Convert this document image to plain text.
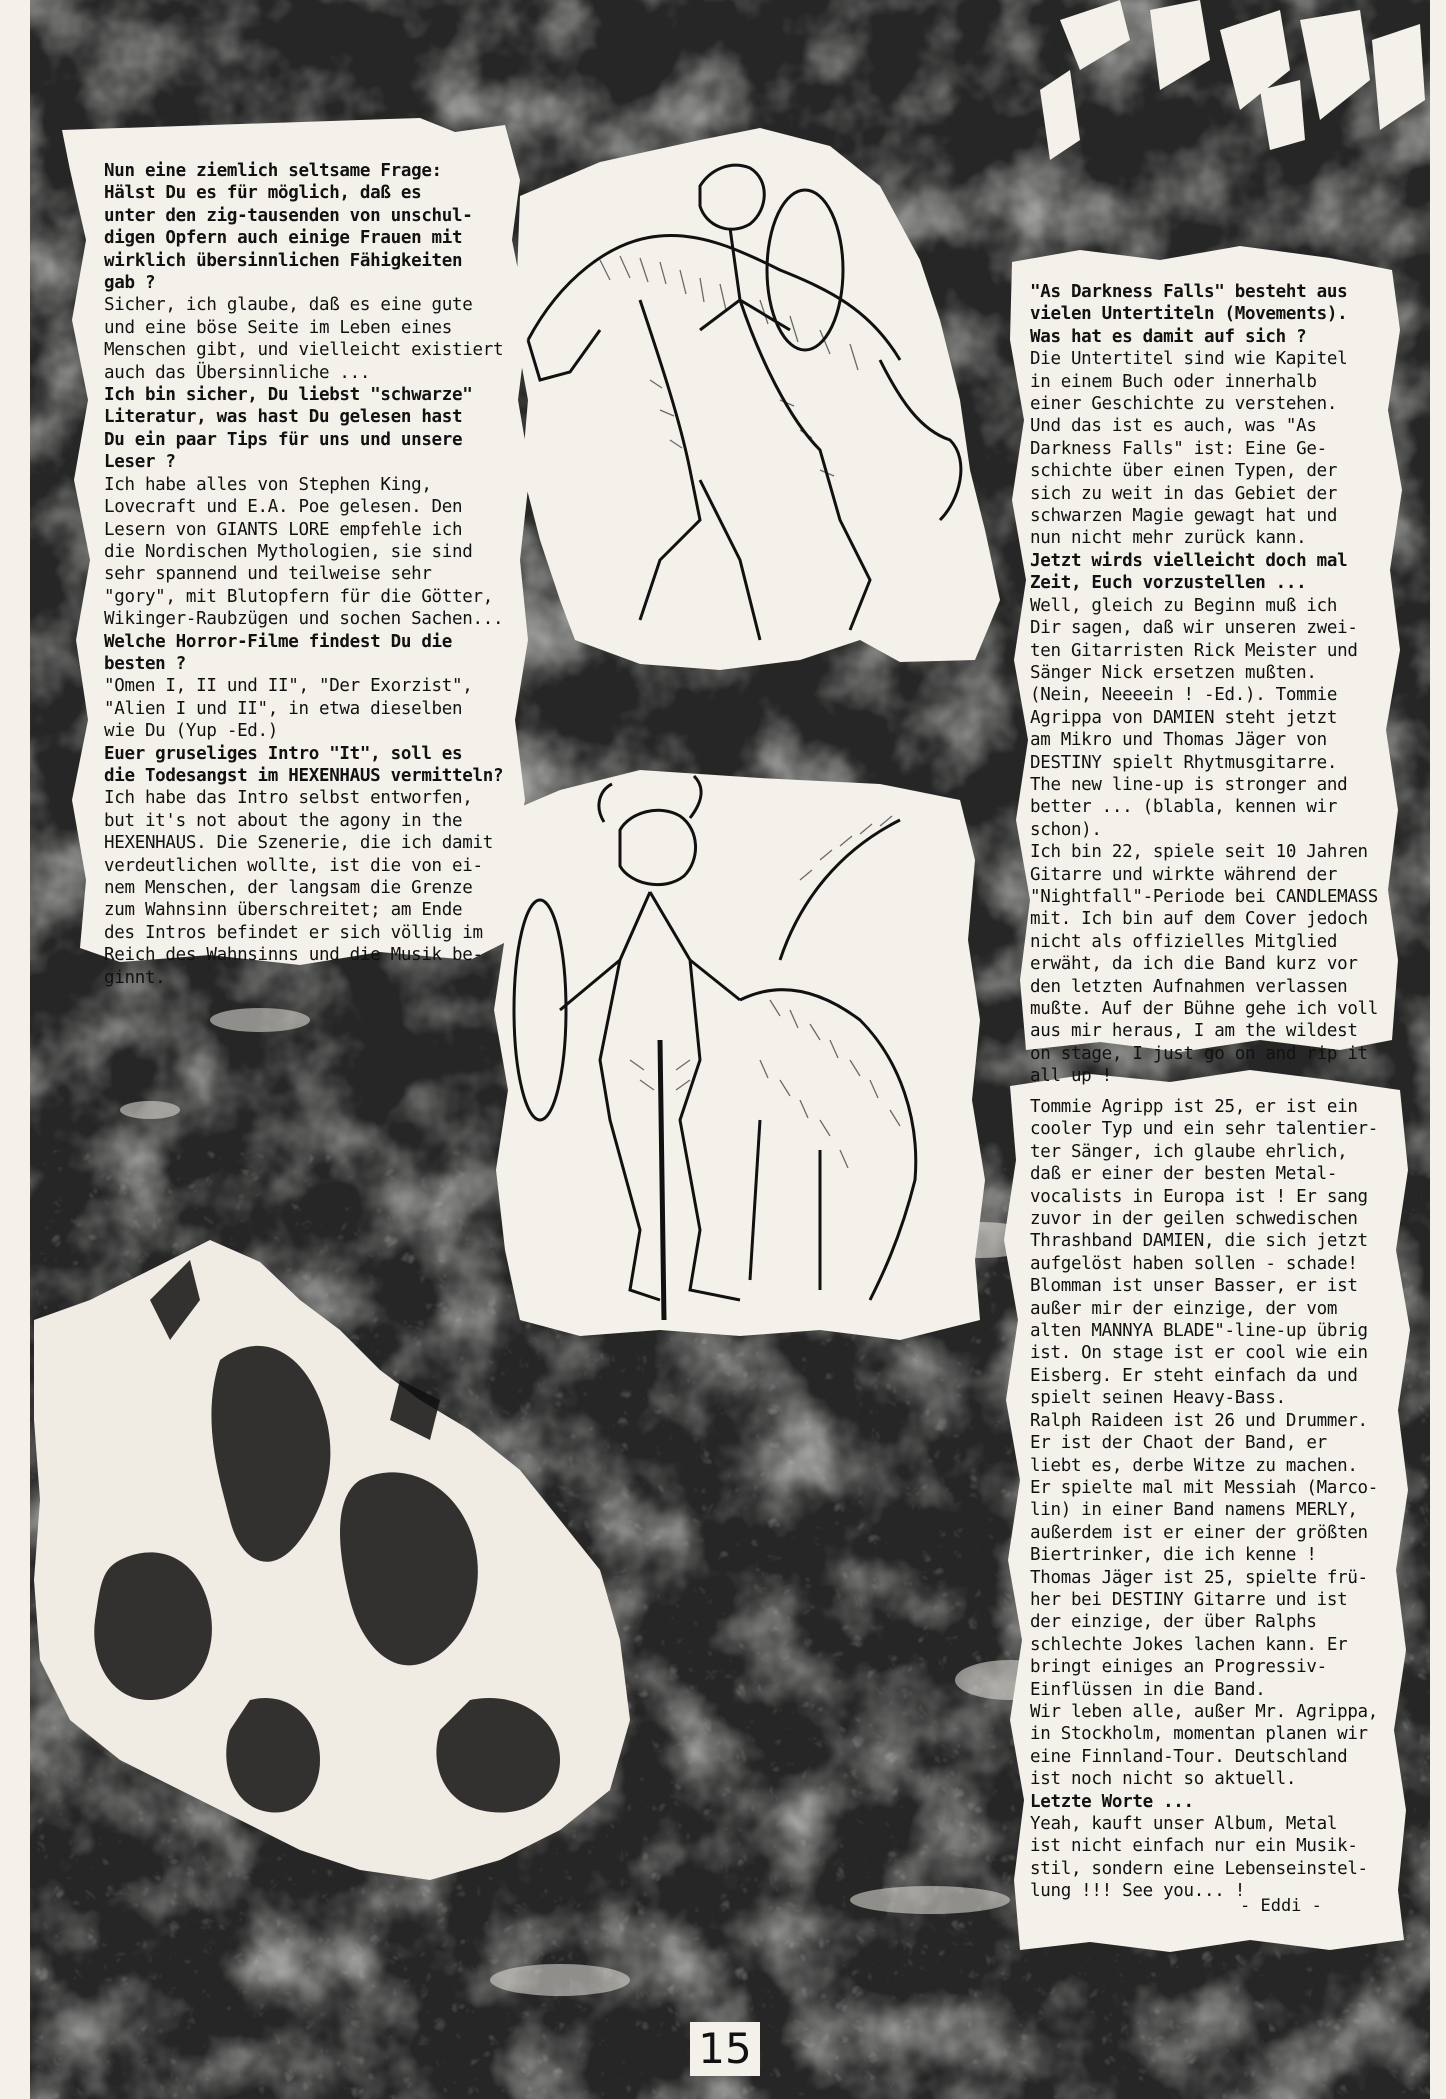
Nun eine ziemlich seltsame Frage:
Hälst Du es für möglich, daß es
unter den zig-tausenden von unschul-
digen Opfern auch einige Frauen mit
wirklich übersinnlichen Fähigkeiten
gab ?
Sicher, ich glaube, daß es eine gute
und eine böse Seite im Leben eines
Menschen gibt, und vielleicht existiert
auch das Übersinnliche ...
Ich bin sicher, Du liebst "schwarze"
Literatur, was hast Du gelesen hast
Du ein paar Tips für uns und unsere
Leser ?
Ich habe alles von Stephen King,
Lovecraft und E.A. Poe gelesen. Den
Lesern von GIANTS LORE empfehle ich
die Nordischen Mythologien, sie sind
sehr spannend und teilweise sehr
"gory", mit Blutopfern für die Götter,
Wikinger-Raubzügen und sochen Sachen...
Welche Horror-Filme findest Du die
besten ?
"Omen I, II und II", "Der Exorzist",
"Alien I und II", in etwa dieselben
wie Du (Yup -Ed.)
Euer gruseliges Intro "It", soll es
die Todesangst im HEXENHAUS vermitteln?
Ich habe das Intro selbst entworfen,
but it's not about the agony in the
HEXENHAUS. Die Szenerie, die ich damit
verdeutlichen wollte, ist die von ei-
nem Menschen, der langsam die Grenze
zum Wahnsinn überschreitet; am Ende
des Intros befindet er sich völlig im
Reich des Wahnsinns und die Musik be-
ginnt.
"As Darkness Falls" besteht aus
vielen Untertiteln (Movements).
Was hat es damit auf sich ?
Die Untertitel sind wie Kapitel
in einem Buch oder innerhalb
einer Geschichte zu verstehen.
Und das ist es auch, was "As
Darkness Falls" ist: Eine Ge-
schichte über einen Typen, der
sich zu weit in das Gebiet der
schwarzen Magie gewagt hat und
nun nicht mehr zurück kann.
Jetzt wirds vielleicht doch mal
Zeit, Euch vorzustellen ...
Well, gleich zu Beginn muß ich
Dir sagen, daß wir unseren zwei-
ten Gitarristen Rick Meister und
Sänger Nick ersetzen mußten.
(Nein, Neeeein ! -Ed.). Tommie
Agrippa von DAMIEN steht jetzt
am Mikro und Thomas Jäger von
DESTINY spielt Rhytmusgitarre.
The new line-up is stronger and
better ... (blabla, kennen wir
schon).
Ich bin 22, spiele seit 10 Jahren
Gitarre und wirkte während der
"Nightfall"-Periode bei CANDLEMASS
mit. Ich bin auf dem Cover jedoch
nicht als offizielles Mitglied
erwäht, da ich die Band kurz vor
den letzten Aufnahmen verlassen
mußte. Auf der Bühne gehe ich voll
aus mir heraus, I am the wildest
on stage, I just go on and rip it
all up !
Tommie Agripp ist 25, er ist ein
cooler Typ und ein sehr talentier-
ter Sänger, ich glaube ehrlich,
daß er einer der besten Metal-
vocalists in Europa ist ! Er sang
zuvor in der geilen schwedischen
Thrashband DAMIEN, die sich jetzt
aufgelöst haben sollen - schade!
Blomman ist unser Basser, er ist
außer mir der einzige, der vom
alten MANNYA BLADE"-line-up übrig
ist. On stage ist er cool wie ein
Eisberg. Er steht einfach da und
spielt seinen Heavy-Bass.
Ralph Raideen ist 26 und Drummer.
Er ist der Chaot der Band, er
liebt es, derbe Witze zu machen.
Er spielte mal mit Messiah (Marco-
lin) in einer Band namens MERLY,
außerdem ist er einer der größten
Biertrinker, die ich kenne !
Thomas Jäger ist 25, spielte frü-
her bei DESTINY Gitarre und ist
der einzige, der über Ralphs
schlechte Jokes lachen kann. Er
bringt einiges an Progressiv-
Einflüssen in die Band.
Wir leben alle, außer Mr. Agrippa,
in Stockholm, momentan planen wir
eine Finnland-Tour. Deutschland
ist noch nicht so aktuell.
Letzte Worte ...
Yeah, kauft unser Album, Metal
ist nicht einfach nur ein Musik-
stil, sondern eine Lebenseinstel-
lung !!! See you... !
- Eddi -
15
